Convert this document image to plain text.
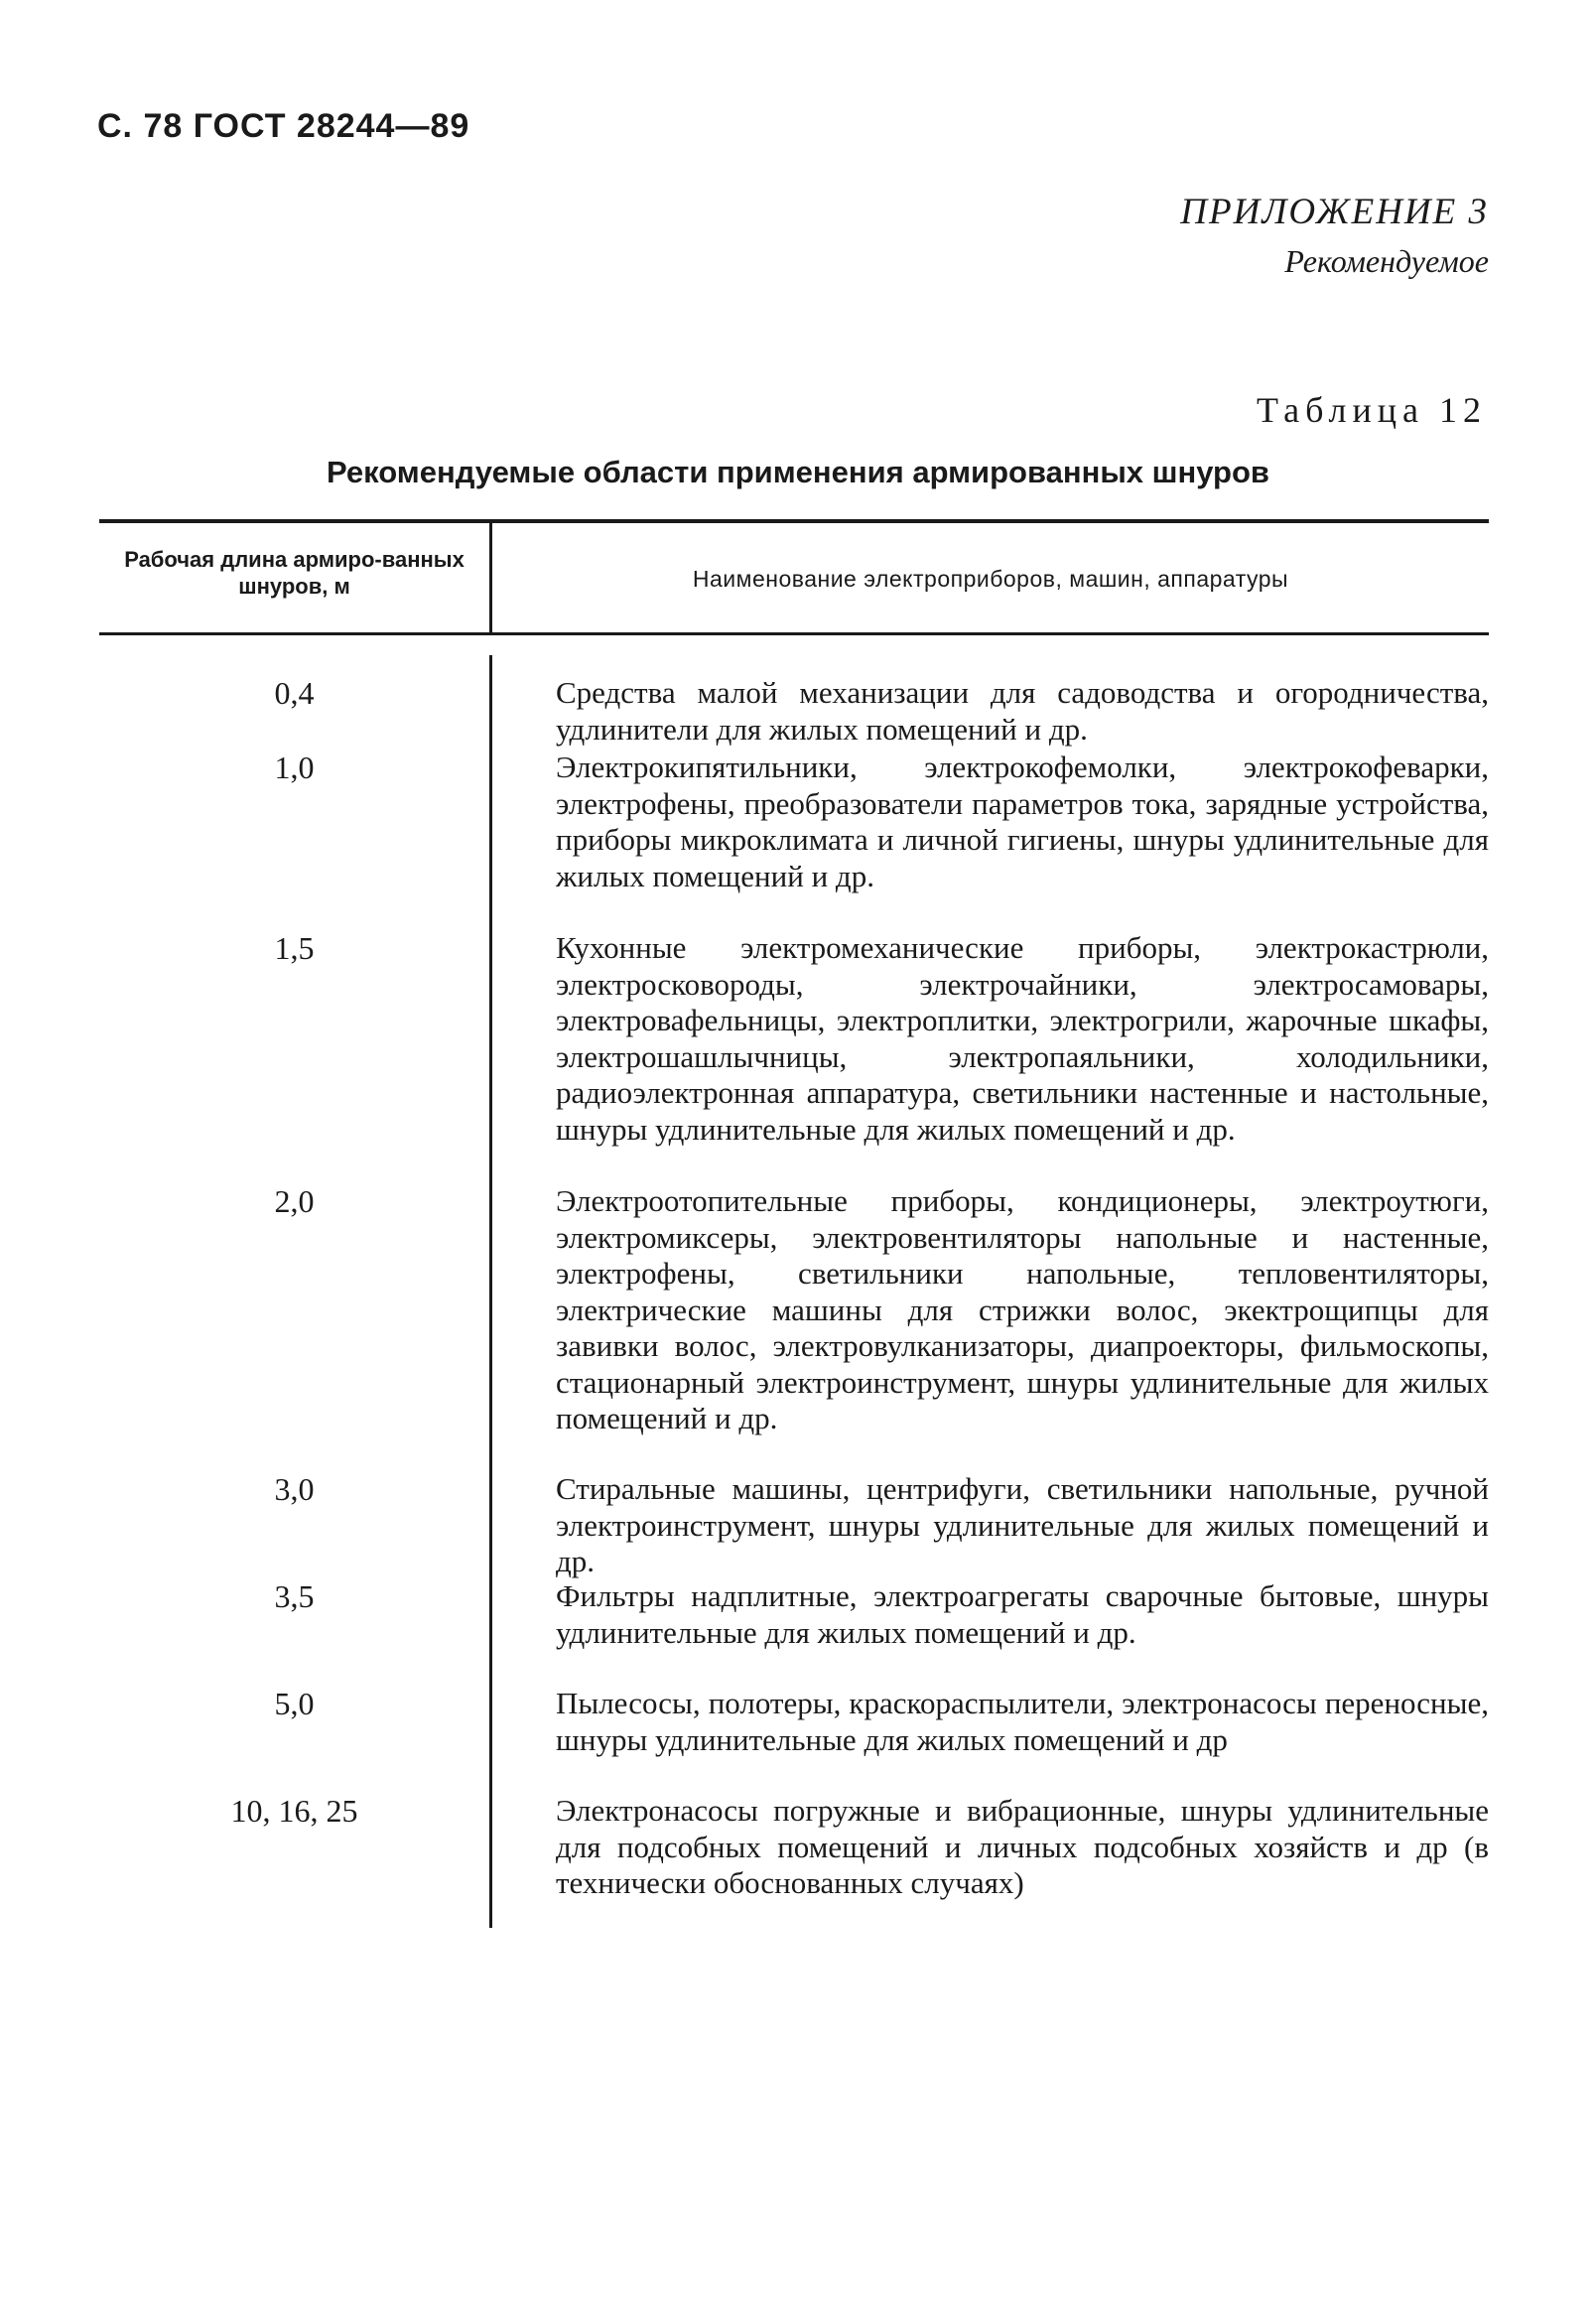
С. 78 ГОСТ 28244—89
ПРИЛОЖЕНИЕ 3
Рекомендуемое
Таблица 12
Рекомендуемые области применения армированных шнуров
Рабочая длина армиро-ванных шнуров, м	Наименование электроприборов, машин, аппаратуры
0,4	Средства малой механизации для садоводства и огородничества, удлинители для жилых помещений и др.
1,0	Электрокипятильники, электрокофемолки, электрокофеварки, электрофены, преобразователи параметров тока, зарядные устройства, приборы микроклимата и личной гигиены, шнуры удлинительные для жилых помещений и др.
1,5	Кухонные электромеханические приборы, электрокастрюли, электросковороды, электрочайники, электросамовары, электровафельницы, электроплитки, электрогрили, жарочные шкафы, электрошашлычницы, электропаяльники, холодильники, радиоэлектронная аппаратура, светильники настенные и настольные, шнуры удлинительные для жилых помещений и др.
2,0	Электроотопительные приборы, кондиционеры, электроутюги, электромиксеры, электровентиляторы напольные и настенные, электрофены, светильники напольные, тепловентиляторы, электрические машины для стрижки волос, экектрощипцы для завивки волос, электровулканизаторы, диапроекторы, фильмоскопы, стационарный электроинструмент, шнуры удлинительные для жилых помещений и др.
3,0	Стиральные машины, центрифуги, светильники напольные, ручной электроинструмент, шнуры удлинительные для жилых помещений и др.
3,5	Фильтры надплитные, электроагрегаты сварочные бытовые, шнуры удлинительные для жилых помещений и др.
5,0	Пылесосы, полотеры, краскораспылители, электронасосы переносные, шнуры удлинительные для жилых помещений и др
10, 16, 25	Электронасосы погружные и вибрационные, шнуры удлинительные для подсобных помещений и личных подсобных хозяйств и др (в технически обоснованных случаях)
